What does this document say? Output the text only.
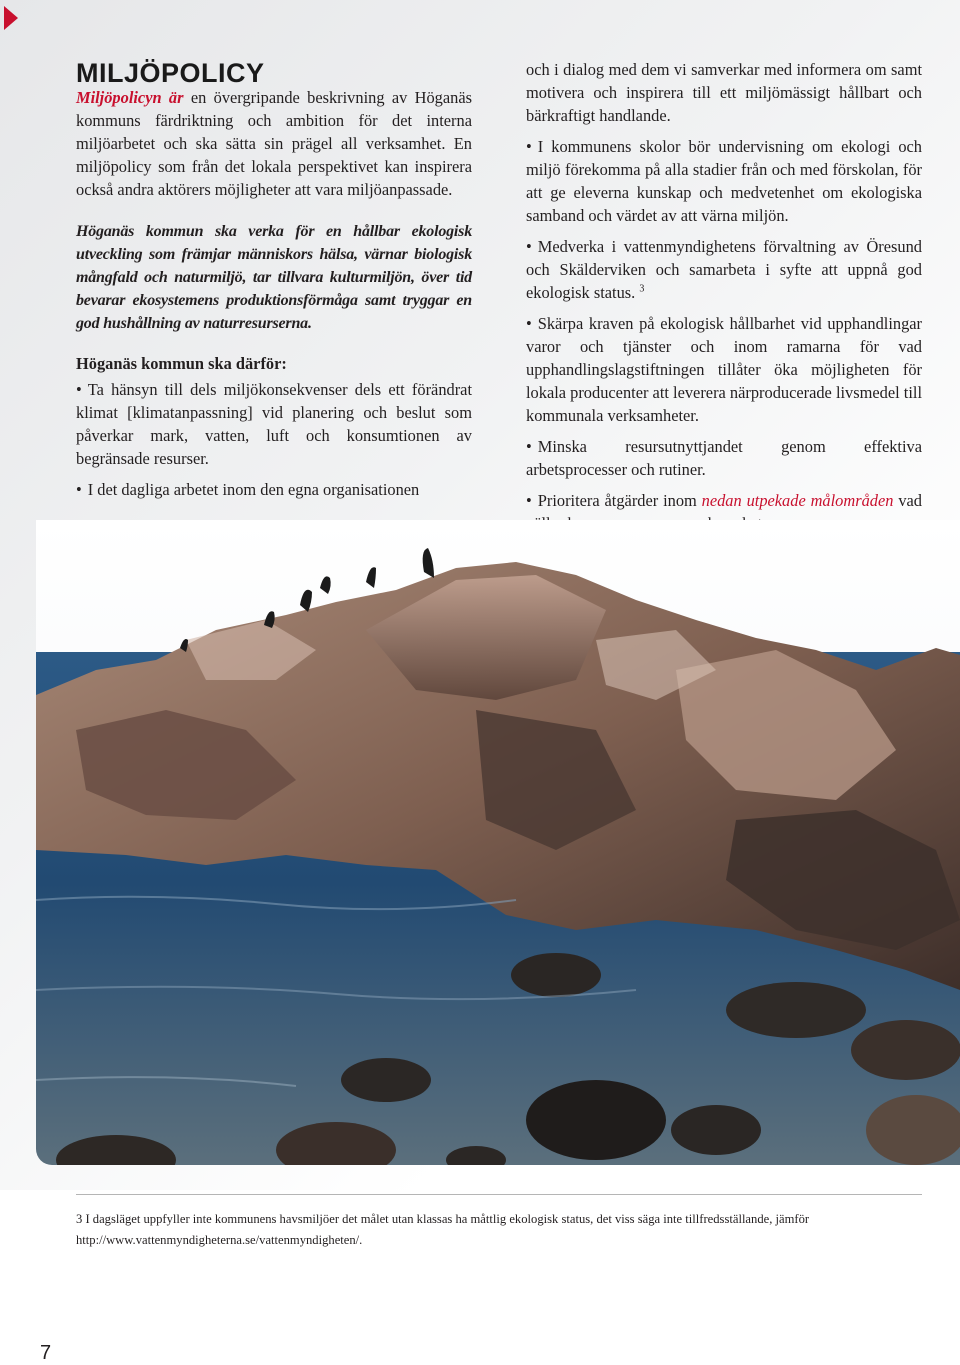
MILJÖPOLICY

Miljöpolicyn är en övergripande beskrivning av Höganäs kommuns färdriktning och ambition för det interna miljöarbetet och ska sätta sin prägel all verksamhet. En miljöpolicy som från det lokala perspektivet kan inspirera också andra aktörers möjligheter att vara miljöanpassade.

Höganäs kommun ska verka för en hållbar ekologisk utveckling som främjar människors hälsa, värnar biologisk mångfald och naturmiljö, tar tillvara kulturmiljön, över tid bevarar ekosystemens produktionsförmåga samt tryggar en god hushållning av naturresurserna.

Höganäs kommun ska därför:

• Ta hänsyn till dels miljökonsekvenser dels ett förändrat klimat [klimatanpassning] vid planering och beslut som påverkar mark, vatten, luft och konsumtionen av begränsade resurser.
• I det dagliga arbetet inom den egna organisationen

och i dialog med dem vi samverkar med informera om samt motivera och inspirera till ett miljömässigt hållbart och bärkraftigt handlande.

• I kommunens skolor bör undervisning om ekologi och miljö förekomma på alla stadier från och med förskolan, för att ge eleverna kunskap och medvetenhet om ekologiska samband och värdet av att värna miljön.
• Medverka i vattenmyndighetens förvaltning av Öresund och Skälderviken och samarbeta i syfte att uppnå god ekologisk status. $^3$
• Skärpa kraven på ekologisk hållbarhet vid upphandlingar varor och tjänster och inom ramarna för vad upphandlingslagstiftningen tillåter öka möjligheten för lokala producenter att leverera närproducerade livsmedel till kommunala verksamheter.
• Minska resursutnyttjandet genom effektiva arbetsprocesser och rutiner.
• Prioritera åtgärder inom nedan utpekade målområden vad

3 I dagsläget uppfyller inte kommunens havsmiljöer det målet utan klassas ha måttlig ekologisk status, det viss säga inte tillfredsställande, jämför http://www.vattenmyndigheterna.se/vattenmyndigheten/.

7
